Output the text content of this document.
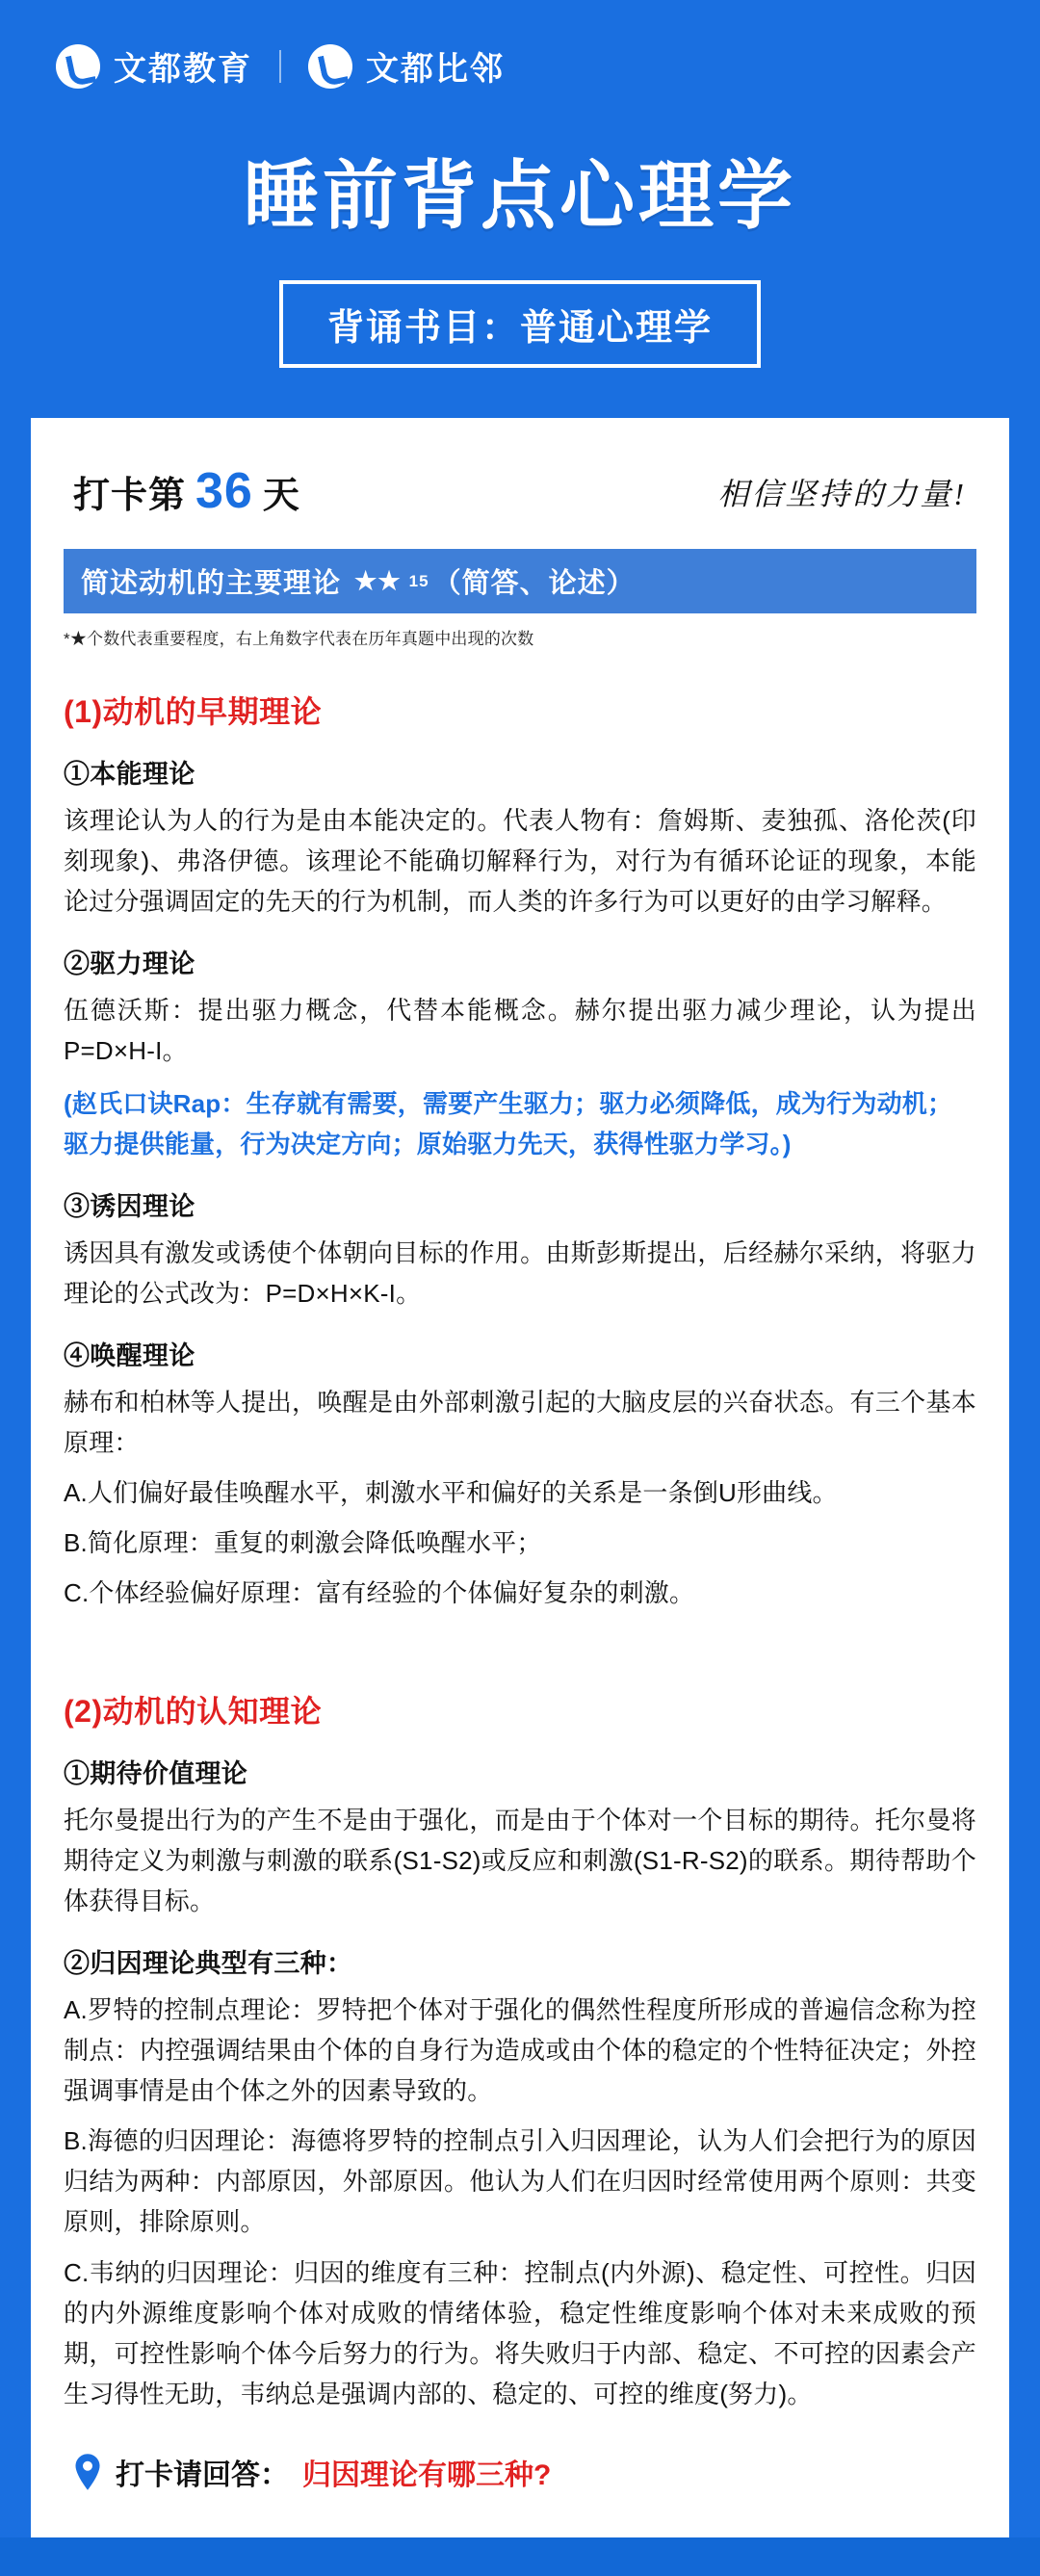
文都教育	文都比邻
睡前背点心理学
背诵书目：普通心理学
打卡第 36 天	相信坚持的力量!
简述动机的主要理论 ★★ 15 （简答、论述）
*★个数代表重要程度，右上角数字代表在历年真题中出现的次数
(1)动机的早期理论
①本能理论

该理论认为人的行为是由本能决定的。代表人物有：詹姆斯、麦独孤、洛伦茨(印刻现象)、弗洛伊德。该理论不能确切解释行为，对行为有循环论证的现象，本能论过分强调固定的先天的行为机制，而人类的许多行为可以更好的由学习解释。

②驱力理论

伍德沃斯：提出驱力概念，代替本能概念。赫尔提出驱力减少理论，认为提出P=D×H-I。

(赵氏口诀Rap：生存就有需要，需要产生驱力；驱力必须降低，成为行为动机；驱力提供能量，行为决定方向；原始驱力先天，获得性驱力学习。)

③诱因理论

诱因具有激发或诱使个体朝向目标的作用。由斯彭斯提出，后经赫尔采纳，将驱力理论的公式改为：P=D×H×K-I。

④唤醒理论

赫布和柏林等人提出，唤醒是由外部刺激引起的大脑皮层的兴奋状态。有三个基本原理：

A.人们偏好最佳唤醒水平，刺激水平和偏好的关系是一条倒U形曲线。

B.简化原理：重复的刺激会降低唤醒水平；

C.个体经验偏好原理：富有经验的个体偏好复杂的刺激。

(2)动机的认知理论
①期待价值理论

托尔曼提出行为的产生不是由于强化，而是由于个体对一个目标的期待。托尔曼将期待定义为刺激与刺激的联系(S1-S2)或反应和刺激(S1-R-S2)的联系。期待帮助个体获得目标。

②归因理论典型有三种：

A.罗特的控制点理论：罗特把个体对于强化的偶然性程度所形成的普遍信念称为控制点：内控强调结果由个体的自身行为造成或由个体的稳定的个性特征决定；外控强调事情是由个体之外的因素导致的。

B.海德的归因理论：海德将罗特的控制点引入归因理论，认为人们会把行为的原因归结为两种：内部原因，外部原因。他认为人们在归因时经常使用两个原则：共变原则，排除原则。

C.韦纳的归因理论：归因的维度有三种：控制点(内外源)、稳定性、可控性。归因的内外源维度影响个体对成败的情绪体验，稳定性维度影响个体对未来成败的预期，可控性影响个体今后努力的行为。将失败归于内部、稳定、不可控的因素会产生习得性无助，韦纳总是强调内部的、稳定的、可控的维度(努力)。

打卡请回答： 归因理论有哪三种?
